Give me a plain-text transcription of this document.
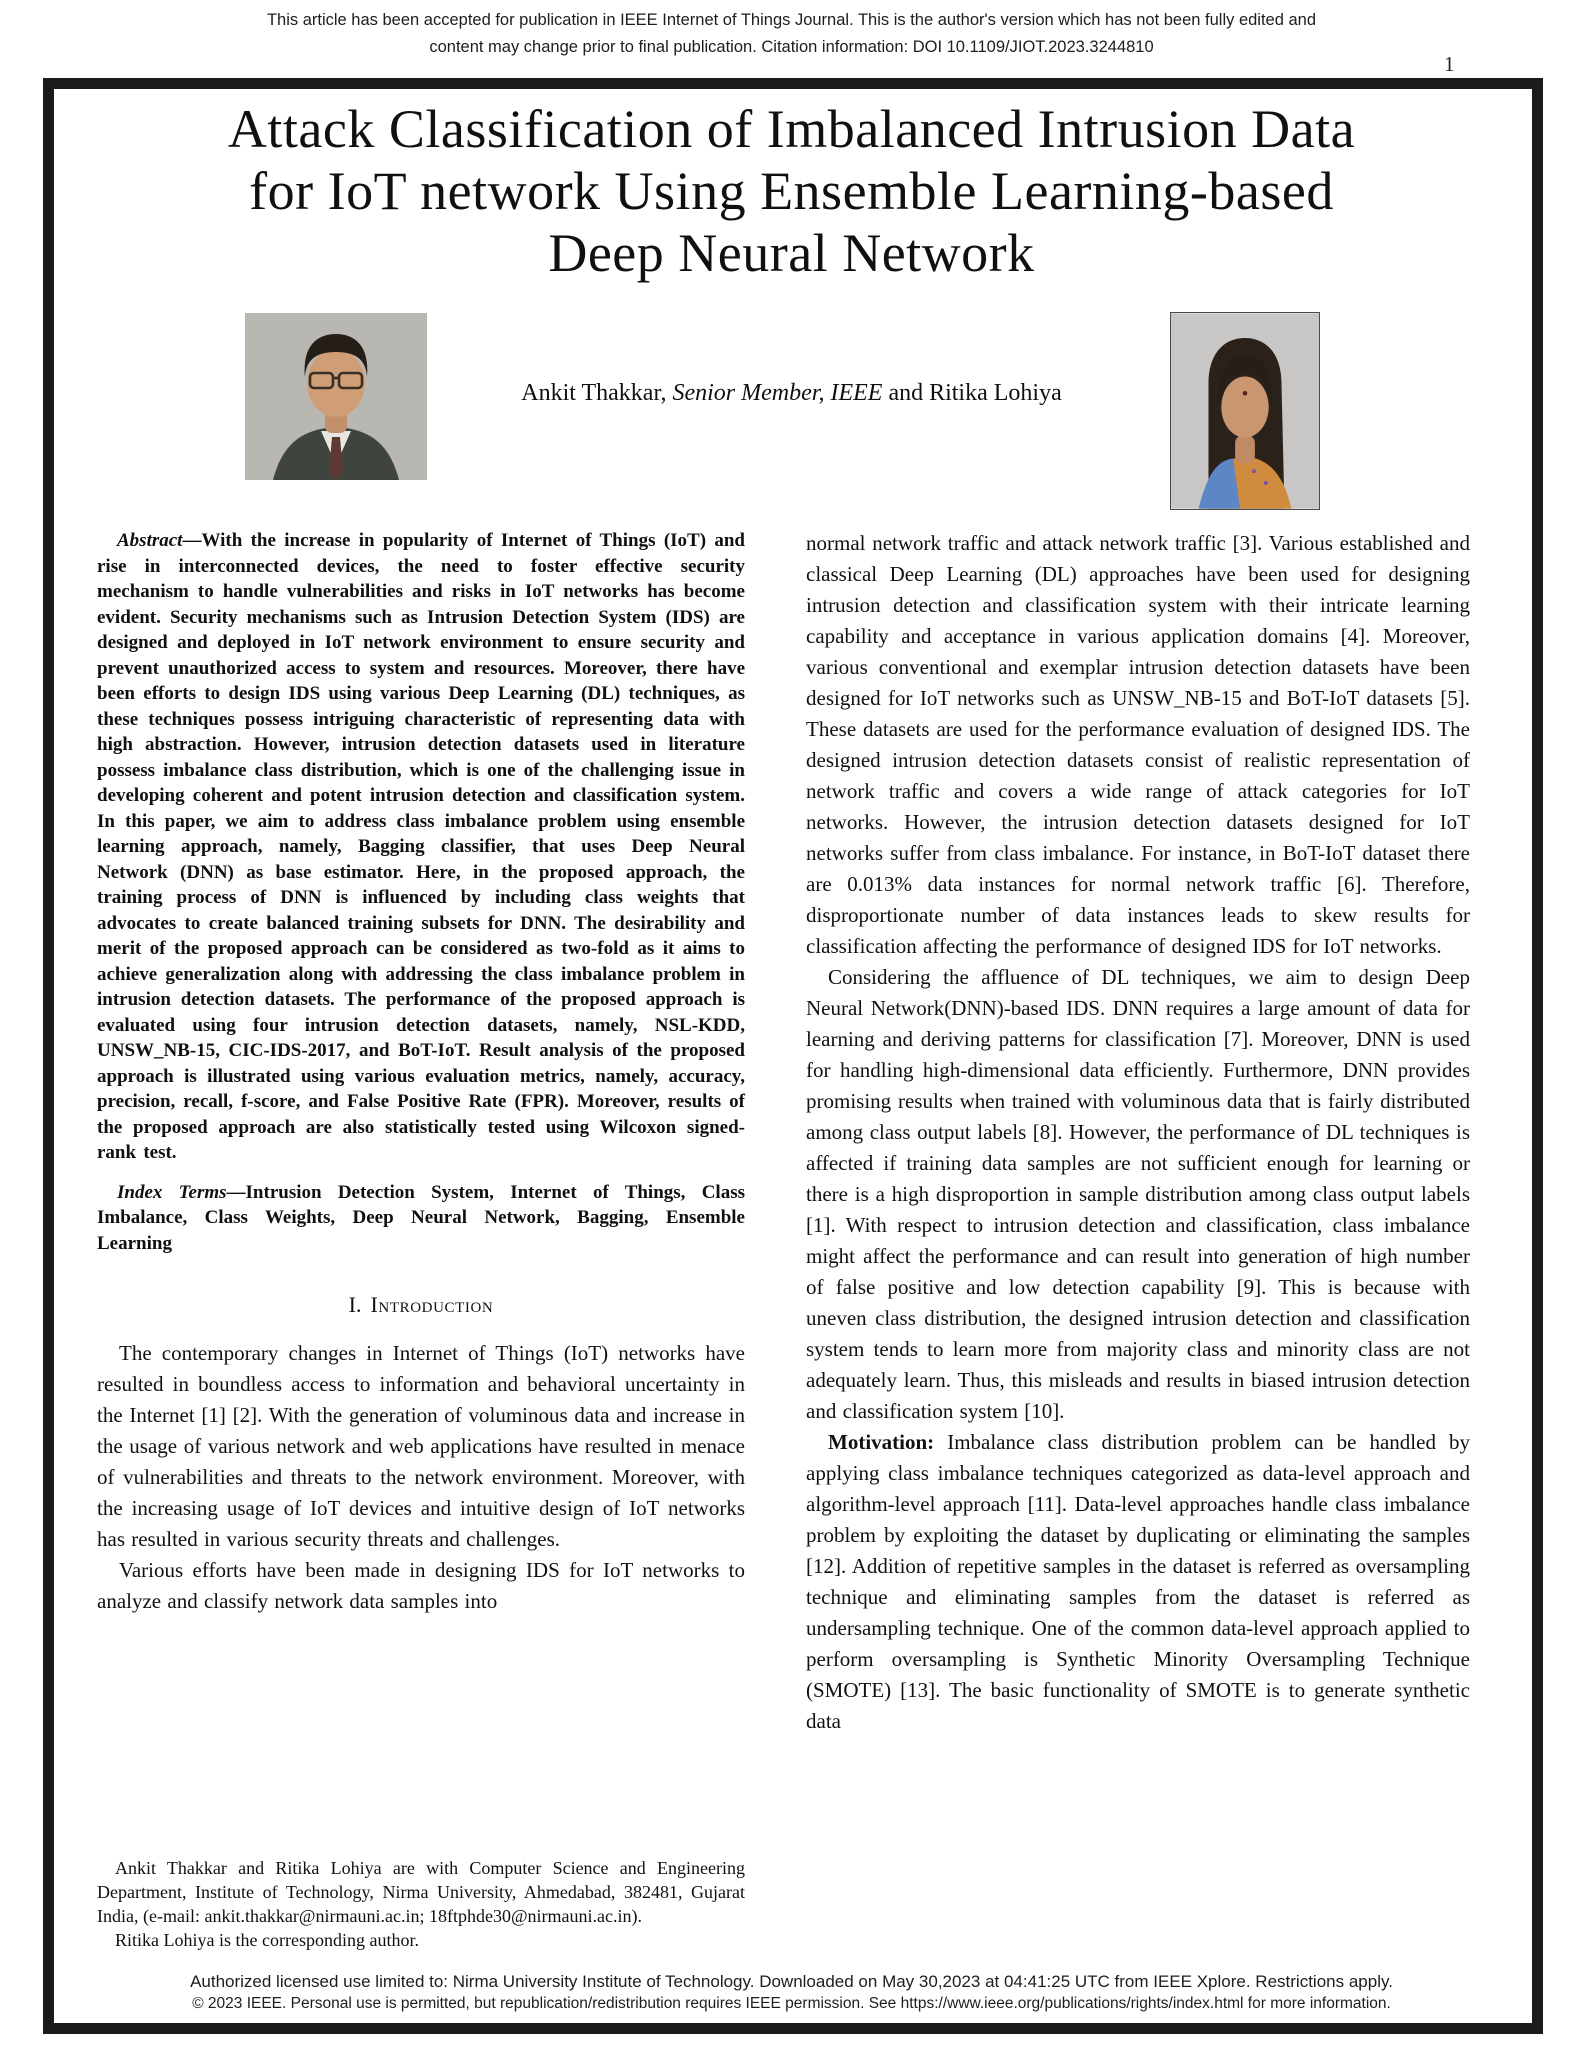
This article has been accepted for publication in IEEE Internet of Things Journal. This is the author's version which has not been fully edited and
content may change prior to final publication. Citation information: DOI 10.1109/JIOT.2023.3244810
1
Attack Classification of Imbalanced Intrusion Data
for IoT network Using Ensemble Learning-based
Deep Neural Network
Ankit Thakkar, Senior Member, IEEE and Ritika Lohiya

Abstract—With the increase in popularity of Internet of Things (IoT) and rise in interconnected devices, the need to foster effective security mechanism to handle vulnerabilities and risks in IoT networks has become evident. Security mechanisms such as Intrusion Detection System (IDS) are designed and deployed in IoT network environment to ensure security and prevent unauthorized access to system and resources. Moreover, there have been efforts to design IDS using various Deep Learning (DL) techniques, as these techniques possess intriguing characteristic of representing data with high abstraction. However, intrusion detection datasets used in literature possess imbalance class distribution, which is one of the challenging issue in developing coherent and potent intrusion detection and classification system. In this paper, we aim to address class imbalance problem using ensemble learning approach, namely, Bagging classifier, that uses Deep Neural Network (DNN) as base estimator. Here, in the proposed approach, the training process of DNN is influenced by including class weights that advocates to create balanced training subsets for DNN. The desirability and merit of the proposed approach can be considered as two-fold as it aims to achieve generalization along with addressing the class imbalance problem in intrusion detection datasets. The performance of the proposed approach is evaluated using four intrusion detection datasets, namely, NSL-KDD, UNSW_NB-15, CIC-IDS-2017, and BoT-IoT. Result analysis of the proposed approach is illustrated using various evaluation metrics, namely, accuracy, precision, recall, f-score, and False Positive Rate (FPR). Moreover, results of the proposed approach are also statistically tested using Wilcoxon signed-rank test.

Index Terms—Intrusion Detection System, Internet of Things, Class Imbalance, Class Weights, Deep Neural Network, Bagging, Ensemble Learning

I. Introduction

The contemporary changes in Internet of Things (IoT) networks have resulted in boundless access to information and behavioral uncertainty in the Internet [1] [2]. With the generation of voluminous data and increase in the usage of various network and web applications have resulted in menace of vulnerabilities and threats to the network environment. Moreover, with the increasing usage of IoT devices and intuitive design of IoT networks has resulted in various security threats and challenges.

Various efforts have been made in designing IDS for IoT networks to analyze and classify network data samples into

Ankit Thakkar and Ritika Lohiya are with Computer Science and Engineering Department, Institute of Technology, Nirma University, Ahmedabad, 382481, Gujarat India, (e-mail: ankit.thakkar@nirmauni.ac.in; 18ftphde30@nirmauni.ac.in).

Ritika Lohiya is the corresponding author.

normal network traffic and attack network traffic [3]. Various established and classical Deep Learning (DL) approaches have been used for designing intrusion detection and classification system with their intricate learning capability and acceptance in various application domains [4]. Moreover, various conventional and exemplar intrusion detection datasets have been designed for IoT networks such as UNSW_NB-15 and BoT-IoT datasets [5]. These datasets are used for the performance evaluation of designed IDS. The designed intrusion detection datasets consist of realistic representation of network traffic and covers a wide range of attack categories for IoT networks. However, the intrusion detection datasets designed for IoT networks suffer from class imbalance. For instance, in BoT-IoT dataset there are 0.013% data instances for normal network traffic [6]. Therefore, disproportionate number of data instances leads to skew results for classification affecting the performance of designed IDS for IoT networks.

Considering the affluence of DL techniques, we aim to design Deep Neural Network(DNN)-based IDS. DNN requires a large amount of data for learning and deriving patterns for classification [7]. Moreover, DNN is used for handling high-dimensional data efficiently. Furthermore, DNN provides promising results when trained with voluminous data that is fairly distributed among class output labels [8]. However, the performance of DL techniques is affected if training data samples are not sufficient enough for learning or there is a high disproportion in sample distribution among class output labels [1]. With respect to intrusion detection and classification, class imbalance might affect the performance and can result into generation of high number of false positive and low detection capability [9]. This is because with uneven class distribution, the designed intrusion detection and classification system tends to learn more from majority class and minority class are not adequately learn. Thus, this misleads and results in biased intrusion detection and classification system [10].

Motivation: Imbalance class distribution problem can be handled by applying class imbalance techniques categorized as data-level approach and algorithm-level approach [11]. Data-level approaches handle class imbalance problem by exploiting the dataset by duplicating or eliminating the samples [12]. Addition of repetitive samples in the dataset is referred as oversampling technique and eliminating samples from the dataset is referred as undersampling technique. One of the common data-level approach applied to perform oversampling is Synthetic Minority Oversampling Technique (SMOTE) [13]. The basic functionality of SMOTE is to generate synthetic data

Authorized licensed use limited to: Nirma University Institute of Technology. Downloaded on May 30,2023 at 04:41:25 UTC from IEEE Xplore. Restrictions apply.
© 2023 IEEE. Personal use is permitted, but republication/redistribution requires IEEE permission. See https://www.ieee.org/publications/rights/index.html for more information.
